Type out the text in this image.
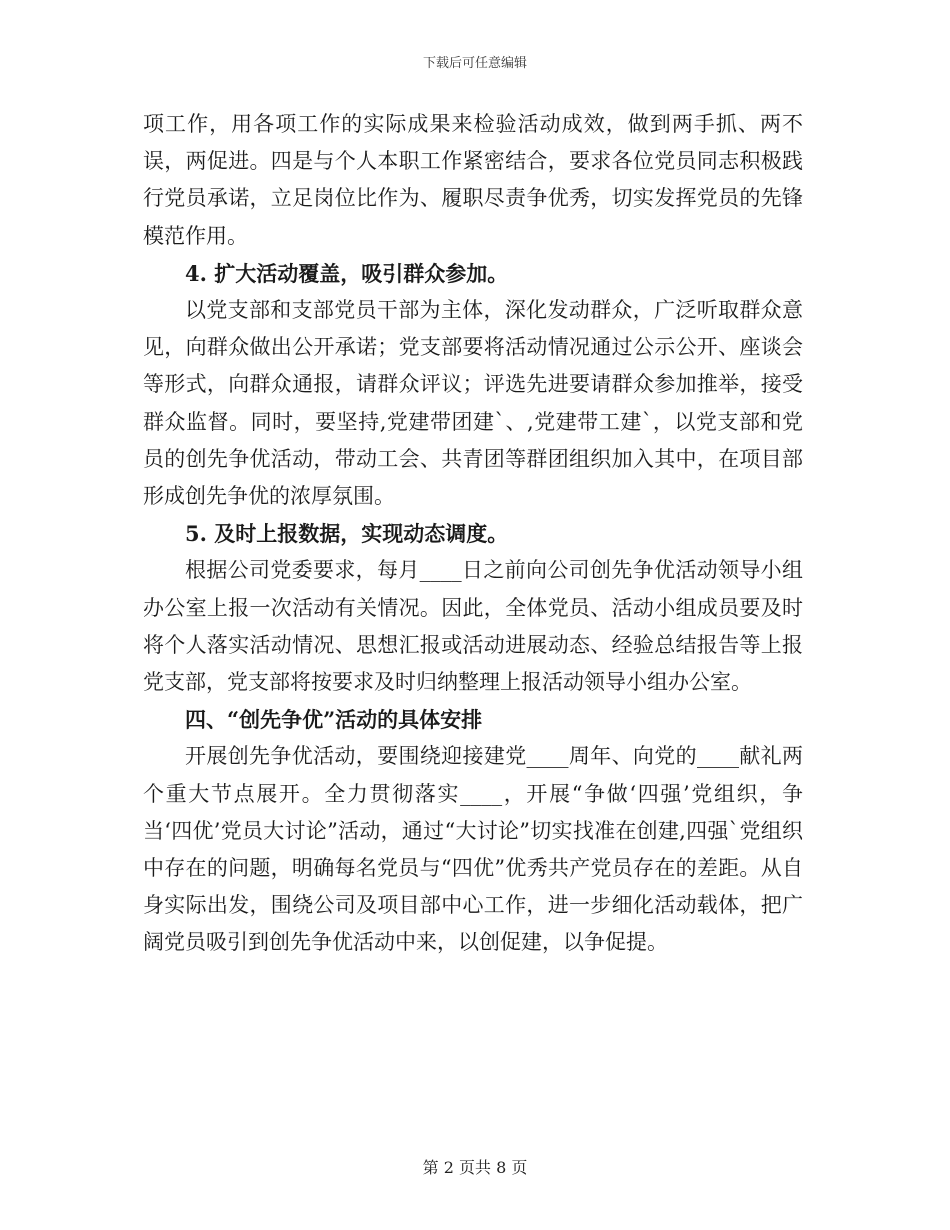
下载后可任意编辑

项工作，用各项工作的实际成果来检验活动成效，做到两手抓、两不误，两促进。四是与个人本职工作紧密结合，要求各位党员同志积极践行党员承诺，立足岗位比作为、履职尽责争优秀，切实发挥党员的先锋模范作用。

4. 扩大活动覆盖，吸引群众参加。

以党支部和支部党员干部为主体，深化发动群众，广泛听取群众意见，向群众做出公开承诺；党支部要将活动情况通过公示公开、座谈会等形式，向群众通报，请群众评议；评选先进要请群众参加推举，接受群众监督。同时，要坚持,党建带团建`、,党建带工建`，以党支部和党员的创先争优活动，带动工会、共青团等群团组织加入其中，在项目部形成创先争优的浓厚氛围。

5. 及时上报数据，实现动态调度。

根据公司党委要求，每月____日之前向公司创先争优活动领导小组办公室上报一次活动有关情况。因此，全体党员、活动小组成员要及时将个人落实活动情况、思想汇报或活动进展动态、经验总结报告等上报党支部，党支部将按要求及时归纳整理上报活动领导小组办公室。

四、“创先争优”活动的具体安排

开展创先争优活动，要围绕迎接建党____周年、向党的____献礼两个重大节点展开。全力贯彻落实____，开展“争做‘四强’党组织，争当‘四优’党员大讨论”活动，通过“大讨论”切实找准在创建,四强`党组织中存在的问题，明确每名党员与“四优”优秀共产党员存在的差距。从自身实际出发，围绕公司及项目部中心工作，进一步细化活动载体，把广阔党员吸引到创先争优活动中来，以创促建，以争促提。

第 2 页共 8 页
